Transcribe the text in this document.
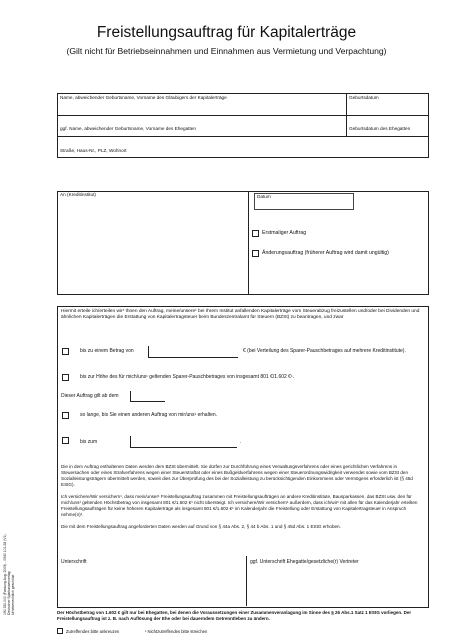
Freistellungsauftrag für Kapitalerträge
(Gilt nicht für Betriebseinnahmen und Einnahmen aus Vermietung und Verpachtung)
Name, abweichender Geburtsname, Vorname des Gläubigers der Kapitalerträge	Geburtsdatum
ggf. Name, abweichender Geburtsname, Vorname des Ehegatten	Geburtsdatum des Ehegatten
Straße, Haus-Nr., PLZ, Wohnort
An (Kreditinstitut)	Datum
Erstmaliger Auftrag
Änderungsauftrag (früherer Auftrag wird damit ungültig)
Hiermit erteile ich/erteilen wir¹ Ihnen den Auftrag, meine/unsere¹ bei Ihrem Institut anfallenden Kapitalerträge vom Steuerabzug freizustellen und/oder bei Dividenden und ähnlichen Kapitalerträgen die Erstattung von Kapitalertragsteuer beim Bundeszentralamt für Steuern (BZSt) zu beantragen, und zwar
bis zu einem Betrag von	€ (bei Verteilung des Sparer-Pauschbetrages auf mehrere Kreditinstitute).
bis zur Höhe des für mich/uns¹ geltenden Sparer-Pauschbetrages von insgesamt 801 €/1.602 €¹.
Dieser Auftrag gilt ab dem
so lange, bis Sie einen anderen Auftrag von mir/uns¹ erhalten.
bis zum	.
Die in dem Auftrag enthaltenen Daten werden dem BZSt übermittelt. Sie dürfen zur Durchführung eines Verwaltungsverfahrens oder eines gerichtlichen Verfahrens in Steuersachen oder eines Strafverfahrens wegen einer Steuerstraftat oder eines Bußgeldverfahrens wegen einer Steuerordnungswidrigkeit verwendet sowie vom BZSt den Sozialleistungsträgern übermittelt werden, soweit dies zur Überprüfung des bei der Sozialleistung zu berücksichtigenden Einkommens oder Vermögens erforderlich ist (§ 45d EStG).
Ich versichere/Wir versichern¹, dass mein/unser¹ Freistellungsauftrag zusammen mit Freistellungsaufträgen an andere Kreditinstitute, Bausparkassen, das BZSt usw. den für mich/uns¹ geltenden Höchstbetrag von insgesamt 801 €/1.602 €¹ nicht übersteigt. Ich versichere/Wir versichern¹ außerdem, dass ich/wir¹ mit allen für das Kalenderjahr erteilten Freistellungsaufträgen für keine höheren Kapitalerträge als insgesamt 801 €/1.602 €¹ im Kalenderjahr die Freistellung oder Erstattung von Kapitalertragsteuer in Anspruch nehme(n)¹.
Die mit dem Freistellungsauftrag angeforderten Daten werden auf Grund von § 44a Abs. 2, § 44 b Abs. 1 und § 45d Abs. 1 EStG erhoben.
Unterschrift	ggf. Unterschrift Ehegatte/gesetzliche(r) Vertreter
Der Höchstbetrag von 1.602 € gilt nur bei Ehegatten, bei denen die Voraussetzungen einer Zusammenveranlagung im Sinne des § 26 Abs.1 Satz 1 EStG vorliegen. Der Freistellungsauftrag ist z. B. nach Auflösung der Ehe oder bei dauerndem Getrenntleben zu ändern.
Zutreffendes bitte ankreuzen	¹ Nichtzutreffendes bitte streichen
190 330.000 (Fassung Aug. 2009) - 0540 101.28 (V1) Deutscher Sparkassenverlag Urheberrechtlich geschützt
